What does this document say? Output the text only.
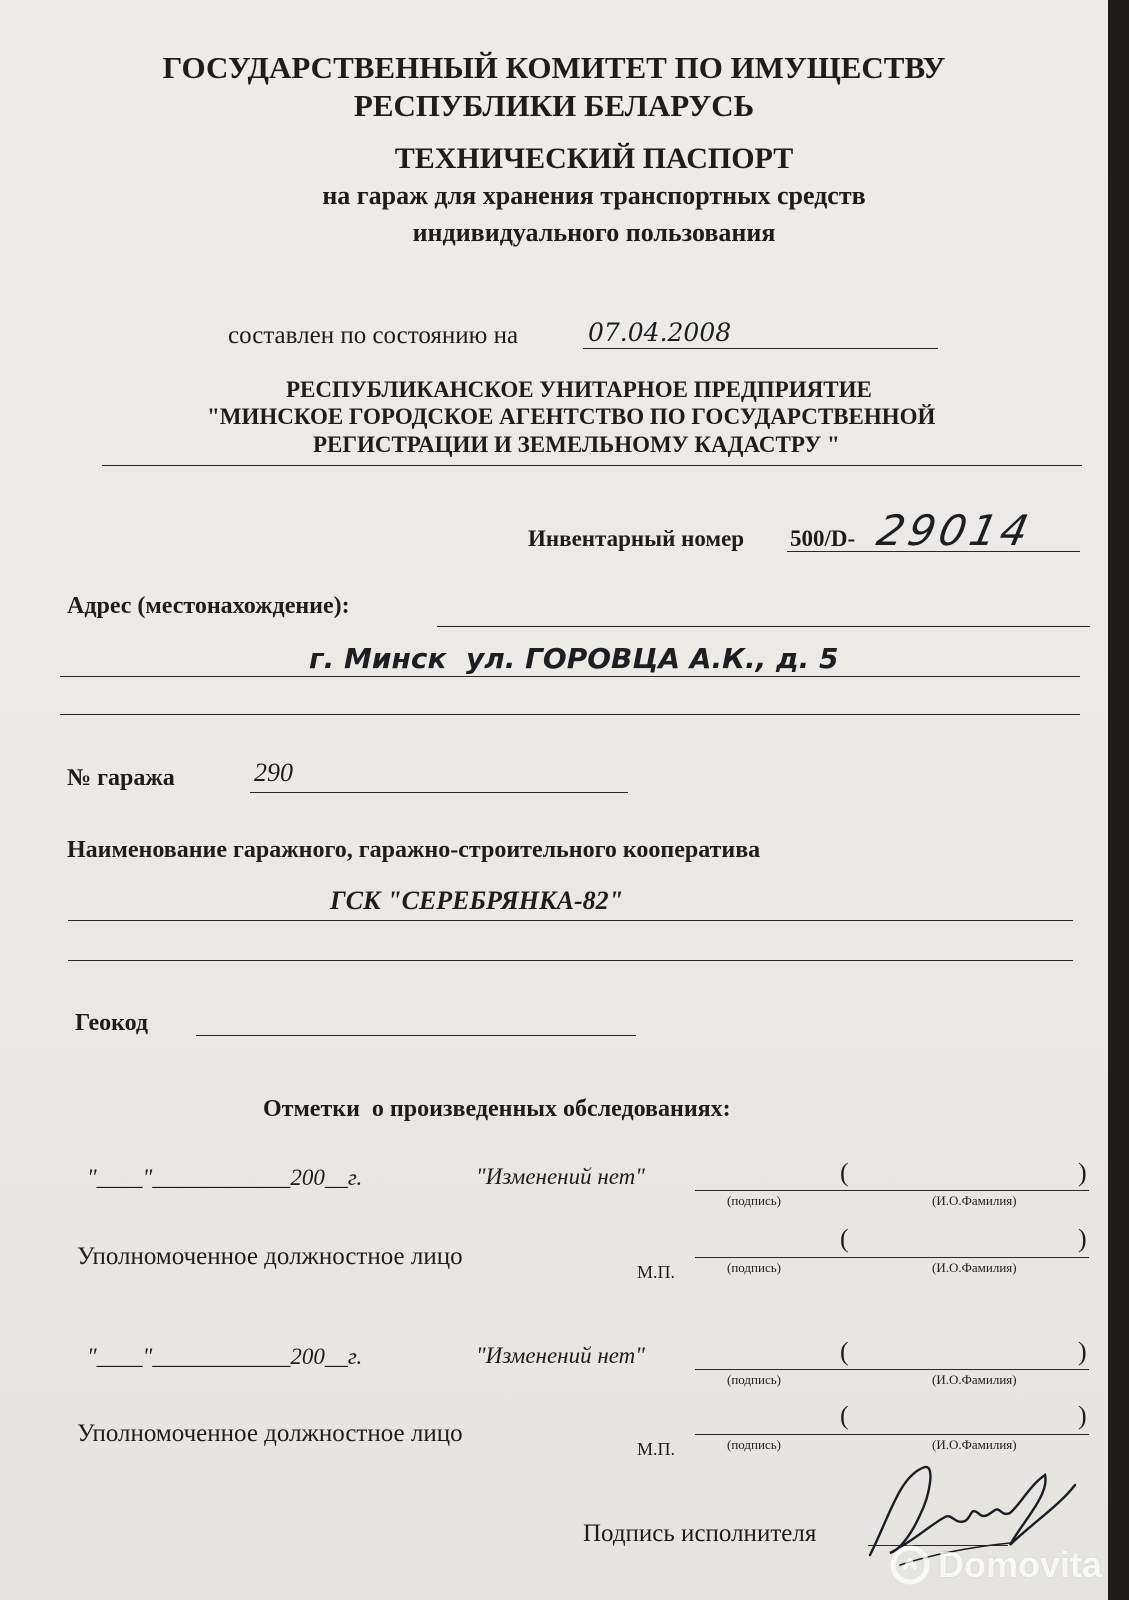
ГОСУДАРСТВЕННЫЙ КОМИТЕТ ПО ИМУЩЕСТВУ
РЕСПУБЛИКИ БЕЛАРУСЬ
ТЕХНИЧЕСКИЙ ПАСПОРТ
на гараж для хранения транспортных средств
индивидуального пользования
составлен по состоянию на	07.04.2008
РЕСПУБЛИКАНСКОЕ УНИТАРНОЕ ПРЕДПРИЯТИЕ
"МИНСКОЕ ГОРОДСКОЕ АГЕНТСТВО ПО ГОСУДАРСТВЕННОЙ
РЕГИСТРАЦИИ И ЗЕМЕЛЬНОМУ КАДАСТРУ "
Инвентарный номер 500/D- 29014
Адрес (местонахождение):
г. Минск  ул. ГОРОВЦА А.К., д. 5
№ гаража	290
Наименование гаражного, гаражно-строительного кооператива
ГСК "СЕРЕБРЯНКА-82"
Геокод
Отметки  о произведенных обследованиях:
"____"____________200__г.	"Изменений нет"	(	)
(подпись)	(И.О.Фамилия)
Уполномоченное должностное лицо
М.П.
(	)
(подпись)	(И.О.Фамилия)
"____"____________200__г.	"Изменений нет"	(	)
(подпись)	(И.О.Фамилия)
Уполномоченное должностное лицо
М.П.
(	)
(подпись)	(И.О.Фамилия)
Подпись исполнителя
Domovita
